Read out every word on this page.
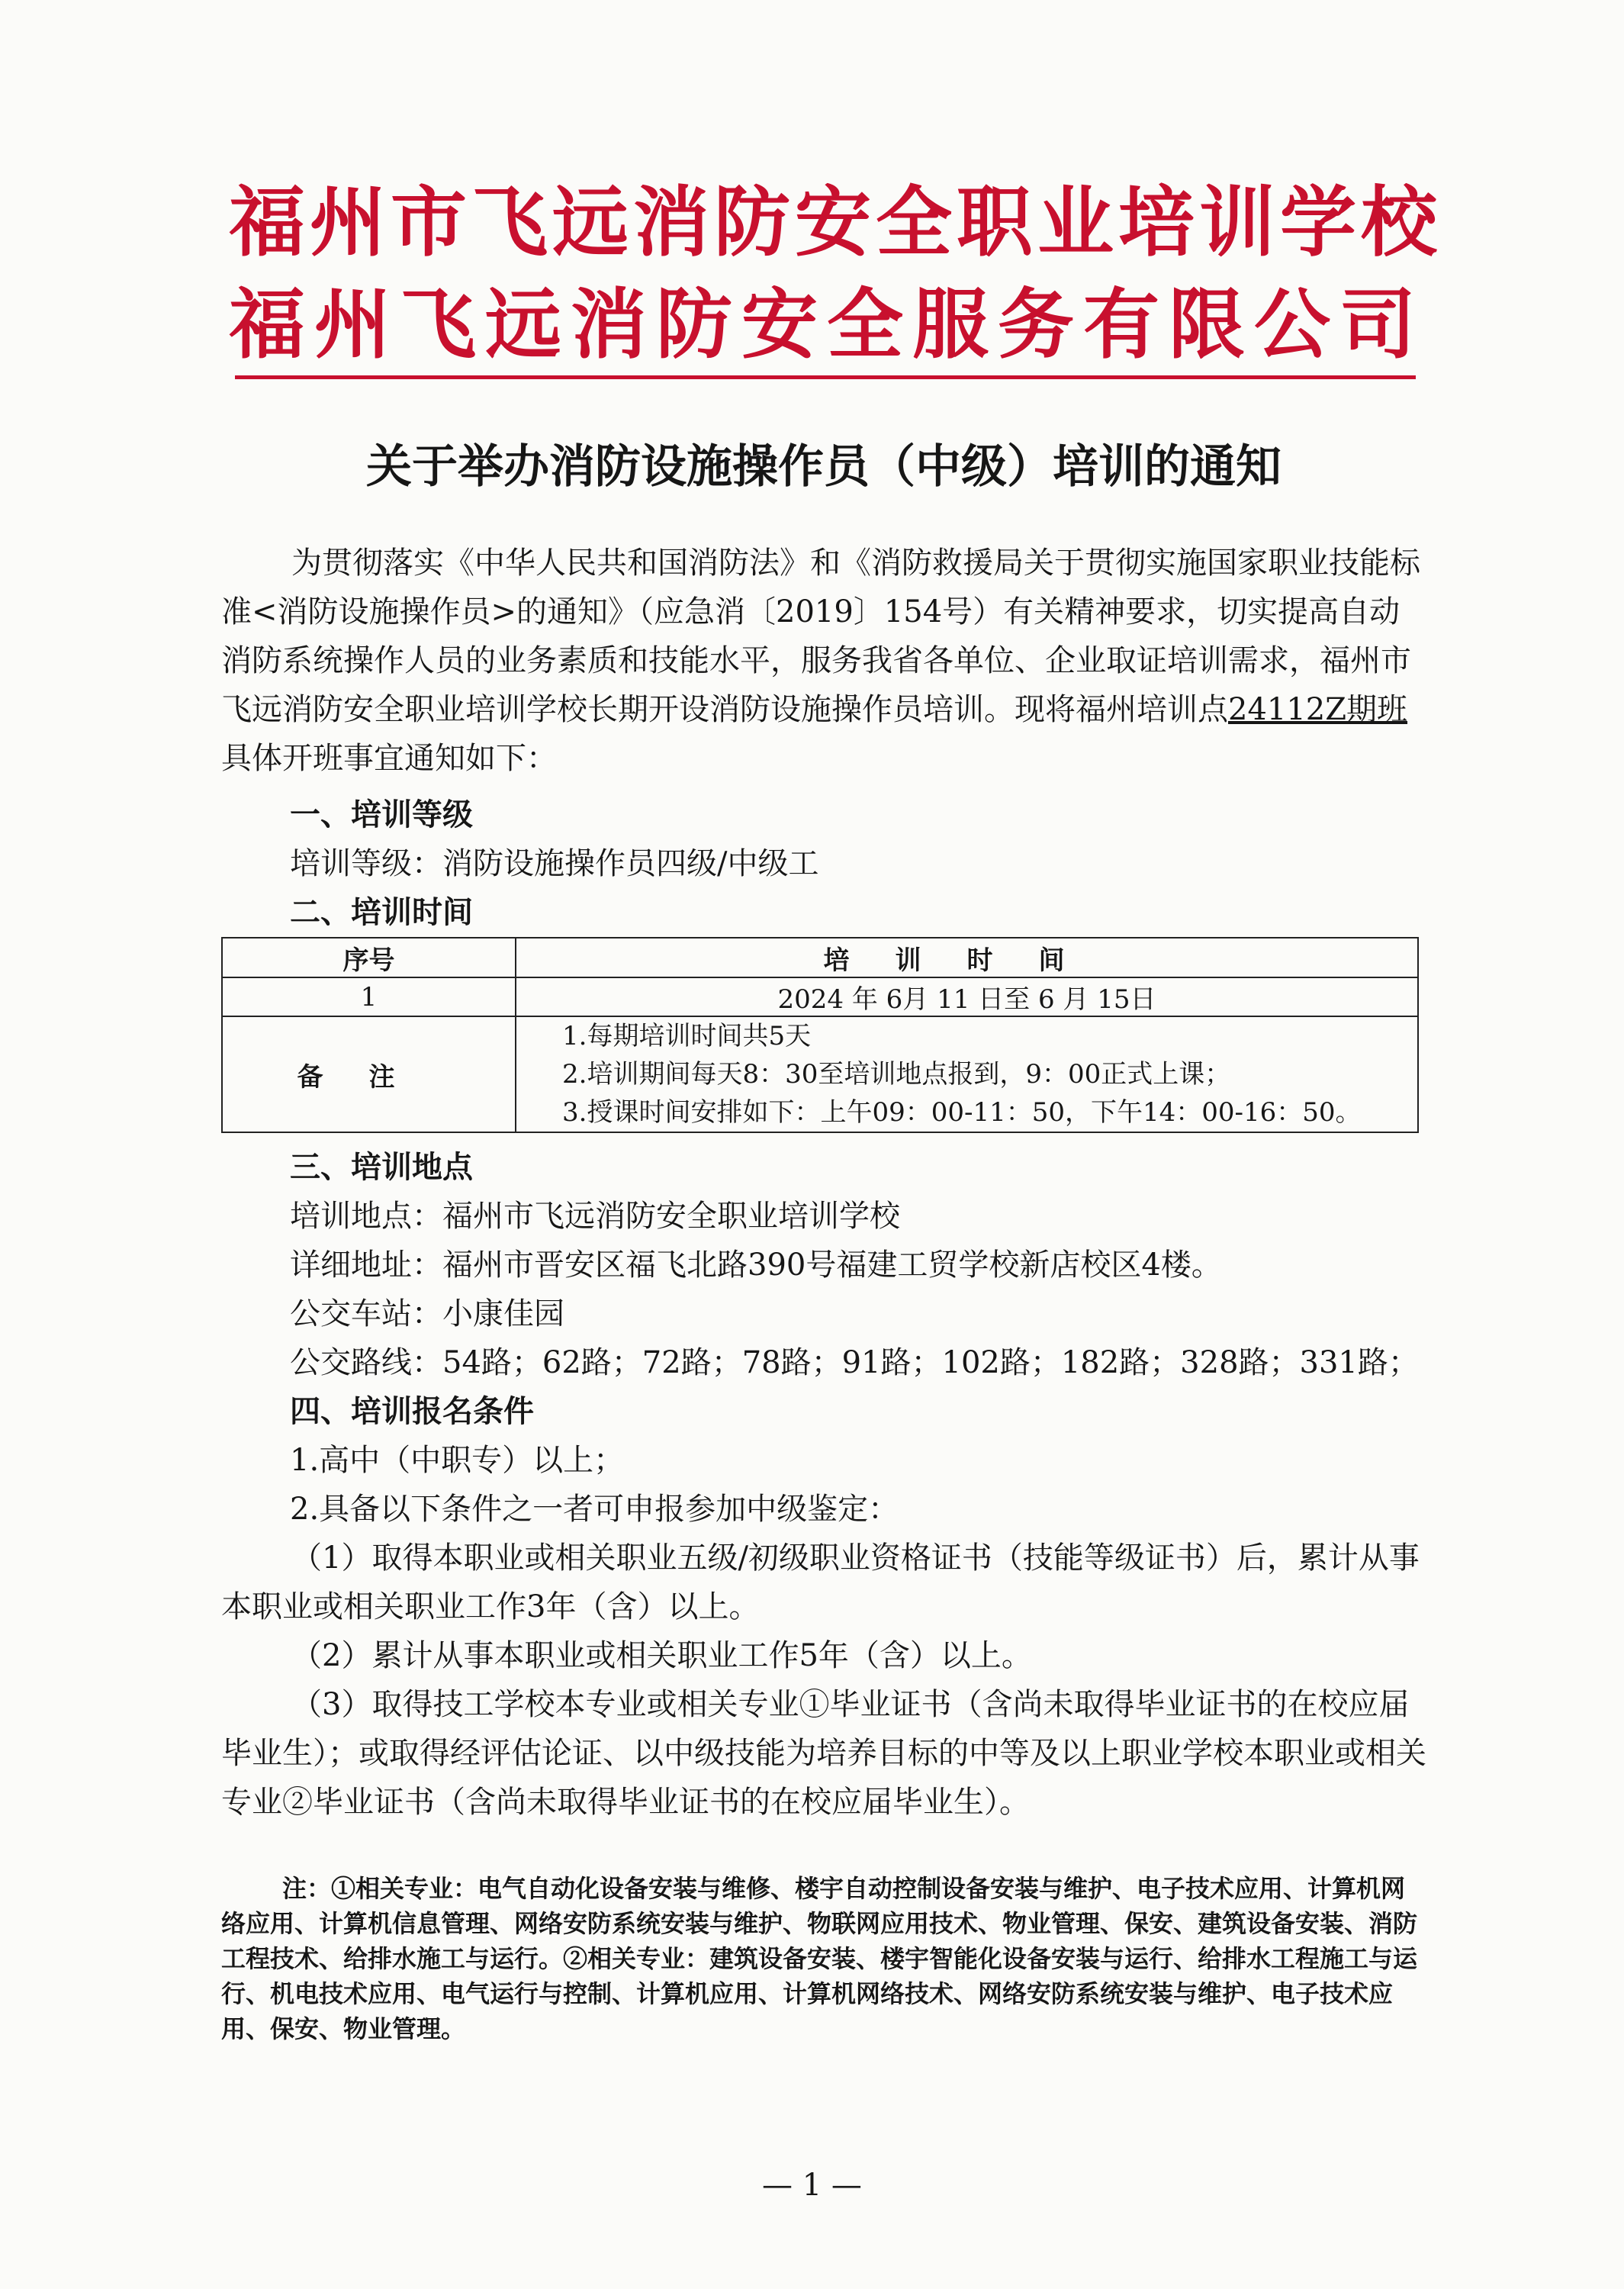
福州市飞远消防安全职业培训学校
福州飞远消防安全服务有限公司
关于举办消防设施操作员（中级）培训的通知

为贯彻落实《中华人民共和国消防法》和《消防救援局关于贯彻实施国家职业技能标准<消防设施操作员>的通知》（应急消〔2019〕154号）有关精神要求，切实提高自动消防系统操作人员的业务素质和技能水平，服务我省各单位、企业取证培训需求，福州市飞远消防安全职业培训学校长期开设消防设施操作员培训。现将福州培训点24112Z期班具体开班事宜通知如下：

一、培训等级
培训等级：消防设施操作员四级/中级工
二、培训时间
序号	培训时间
1	2024 年 6月 11 日至 6 月 15日
备注	1.每期培训时间共5天
2.培训期间每天8：30至培训地点报到，9：00正式上课；
3.授课时间安排如下：上午09：00-11：50，下午14：00-16：50。
三、培训地点
培训地点：福州市飞远消防安全职业培训学校
详细地址：福州市晋安区福飞北路390号福建工贸学校新店校区4楼。
公交车站：小康佳园
公交路线：54路；62路；72路；78路；91路；102路；182路；328路；331路；
四、培训报名条件
1.高中（中职专）以上；
2.具备以下条件之一者可申报参加中级鉴定：

（1）取得本职业或相关职业五级/初级职业资格证书（技能等级证书）后，累计从事本职业或相关职业工作3年（含）以上。

（2）累计从事本职业或相关职业工作5年（含）以上。

（3）取得技工学校本专业或相关专业①毕业证书（含尚未取得毕业证书的在校应届毕业生）；或取得经评估论证、以中级技能为培养目标的中等及以上职业学校本职业或相关专业②毕业证书（含尚未取得毕业证书的在校应届毕业生）。

注：①相关专业：电气自动化设备安装与维修、楼宇自动控制设备安装与维护、电子技术应用、计算机网络应用、计算机信息管理、网络安防系统安装与维护、物联网应用技术、物业管理、保安、建筑设备安装、消防工程技术、给排水施工与运行。②相关专业：建筑设备安装、楼宇智能化设备安装与运行、给排水工程施工与运行、机电技术应用、电气运行与控制、计算机应用、计算机网络技术、网络安防系统安装与维护、电子技术应用、保安、物业管理。

— 1 —
